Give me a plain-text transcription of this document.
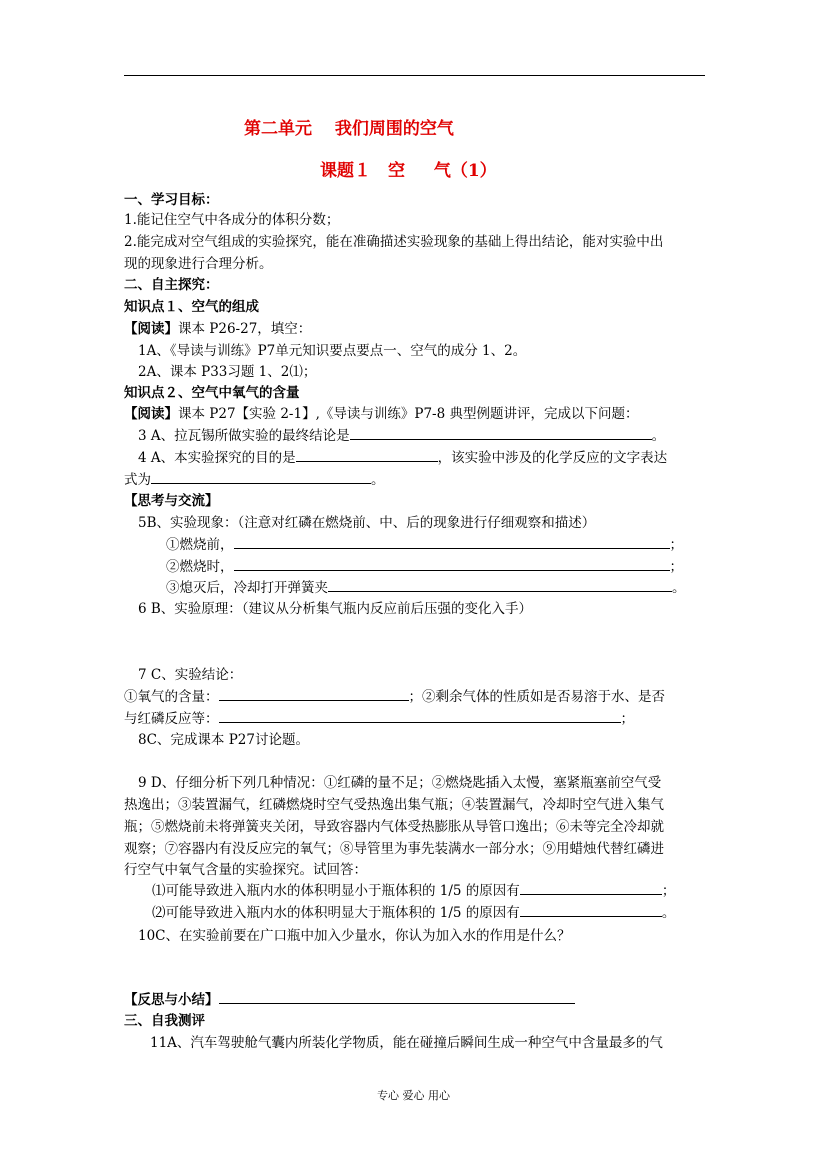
第二单元　 我们周围的空气
课题１　空 　 气（1）
一、学习目标：
1.能记住空气中各成分的体积分数；
2.能完成对空气组成的实验探究，能在准确描述实验现象的基础上得出结论，能对实验中出
现的现象进行合理分析。
二、自主探究：
知识点１、空气的组成
【阅读】课本 P26-27，填空：
1A、《导读与训练》P7单元知识要点要点一、空气的成分 1、2。
2A、课本 P33习题 1、2⑴；
知识点２、空气中氧气的含量
【阅读】课本 P27【实验 2-1】,《导读与训练》P7-8 典型例题讲评，完成以下问题：
3 A、拉瓦锡所做实验的最终结论是	。
4 A、本实验探究的目的是	，该实验中涉及的化学反应的文字表达
式为	。
【思考与交流】
5B、实验现象：（注意对红磷在燃烧前、中、后的现象进行仔细观察和描述）
①燃烧前，	；
②燃烧时，	；
③熄灭后，冷却打开弹簧夹	。
6 B、实验原理：（建议从分析集气瓶内反应前后压强的变化入手）
7 C、实验结论：
①氧气的含量：	；②剩余气体的性质如是否易溶于水、是否
与红磷反应等：	；
8C、完成课本 P27讨论题。
9 D、仔细分析下列几种情况：①红磷的量不足；②燃烧匙插入太慢，塞紧瓶塞前空气受
热逸出；③装置漏气，红磷燃烧时空气受热逸出集气瓶；④装置漏气，冷却时空气进入集气
瓶；⑤燃烧前未将弹簧夹关闭，导致容器内气体受热膨胀从导管口逸出；⑥未等完全冷却就
观察；⑦容器内有没反应完的氧气；⑧导管里为事先装满水一部分水；⑨用蜡烛代替红磷进
行空气中氧气含量的实验探究。试回答：
⑴可能导致进入瓶内水的体积明显小于瓶体积的 1/5 的原因有	；
⑵可能导致进入瓶内水的体积明显大于瓶体积的 1/5 的原因有	。
10C、在实验前要在广口瓶中加入少量水，你认为加入水的作用是什么？
【反思与小结】
三、自我测评
11A、汽车驾驶舱气囊内所装化学物质，能在碰撞后瞬间生成一种空气中含量最多的气
专心 爱心 用心
